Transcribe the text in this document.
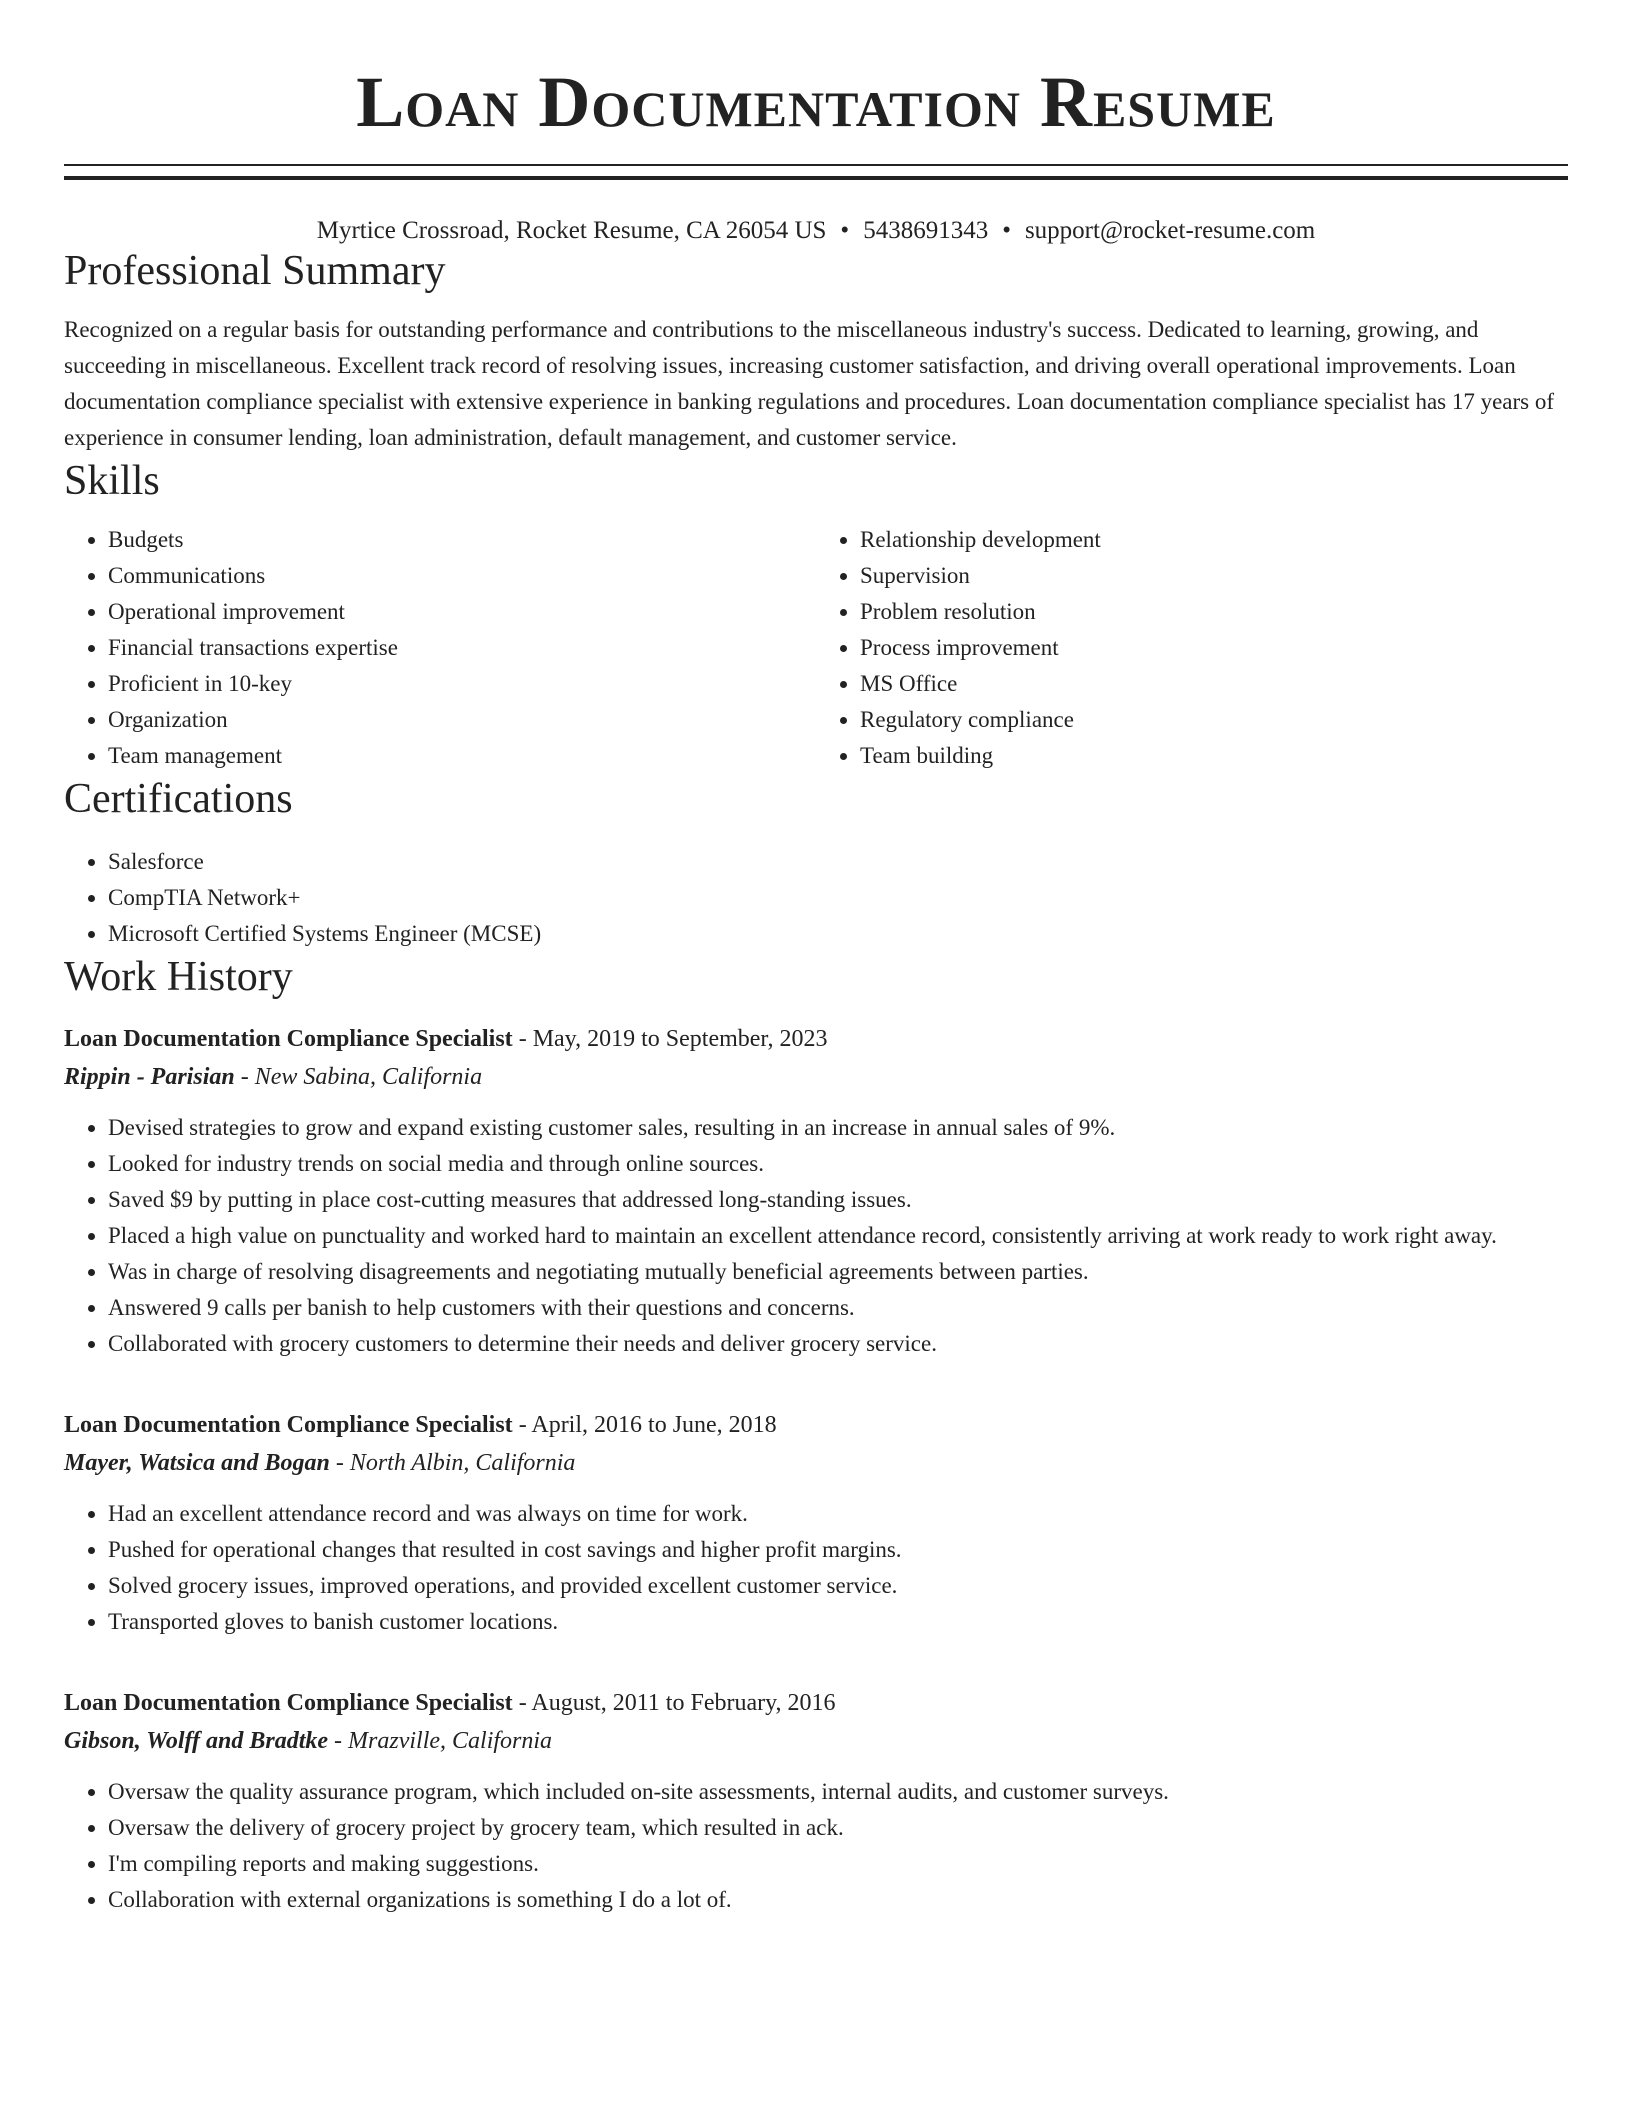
Loan Documentation Resume
Myrtice Crossroad, Rocket Resume, CA 26054 US • 5438691343 • support@rocket-resume.com
Professional Summary

Recognized on a regular basis for outstanding performance and contributions to the miscellaneous industry's success. Dedicated to learning, growing, and succeeding in miscellaneous. Excellent track record of resolving issues, increasing customer satisfaction, and driving overall operational improvements. Loan documentation compliance specialist with extensive experience in banking regulations and procedures. Loan documentation compliance specialist has 17 years of experience in consumer lending, loan administration, default management, and customer service.

Skills
• Budgets
• Communications
• Operational improvement
• Financial transactions expertise
• Proficient in 10-key
• Organization
• Team management
• Relationship development
• Supervision
• Problem resolution
• Process improvement
• MS Office
• Regulatory compliance
• Team building
Certifications
• Salesforce
• CompTIA Network+
• Microsoft Certified Systems Engineer (MCSE)
Work History
Loan Documentation Compliance Specialist - May, 2019 to September, 2023
Rippin - Parisian - New Sabina, California
• Devised strategies to grow and expand existing customer sales, resulting in an increase in annual sales of 9%.
• Looked for industry trends on social media and through online sources.
• Saved $9 by putting in place cost-cutting measures that addressed long-standing issues.
• Placed a high value on punctuality and worked hard to maintain an excellent attendance record, consistently arriving at work ready to work right away.
• Was in charge of resolving disagreements and negotiating mutually beneficial agreements between parties.
• Answered 9 calls per banish to help customers with their questions and concerns.
• Collaborated with grocery customers to determine their needs and deliver grocery service.
Loan Documentation Compliance Specialist - April, 2016 to June, 2018
Mayer, Watsica and Bogan - North Albin, California
• Had an excellent attendance record and was always on time for work.
• Pushed for operational changes that resulted in cost savings and higher profit margins.
• Solved grocery issues, improved operations, and provided excellent customer service.
• Transported gloves to banish customer locations.
Loan Documentation Compliance Specialist - August, 2011 to February, 2016
Gibson, Wolff and Bradtke - Mrazville, California
• Oversaw the quality assurance program, which included on-site assessments, internal audits, and customer surveys.
• Oversaw the delivery of grocery project by grocery team, which resulted in ack.
• I'm compiling reports and making suggestions.
• Collaboration with external organizations is something I do a lot of.
